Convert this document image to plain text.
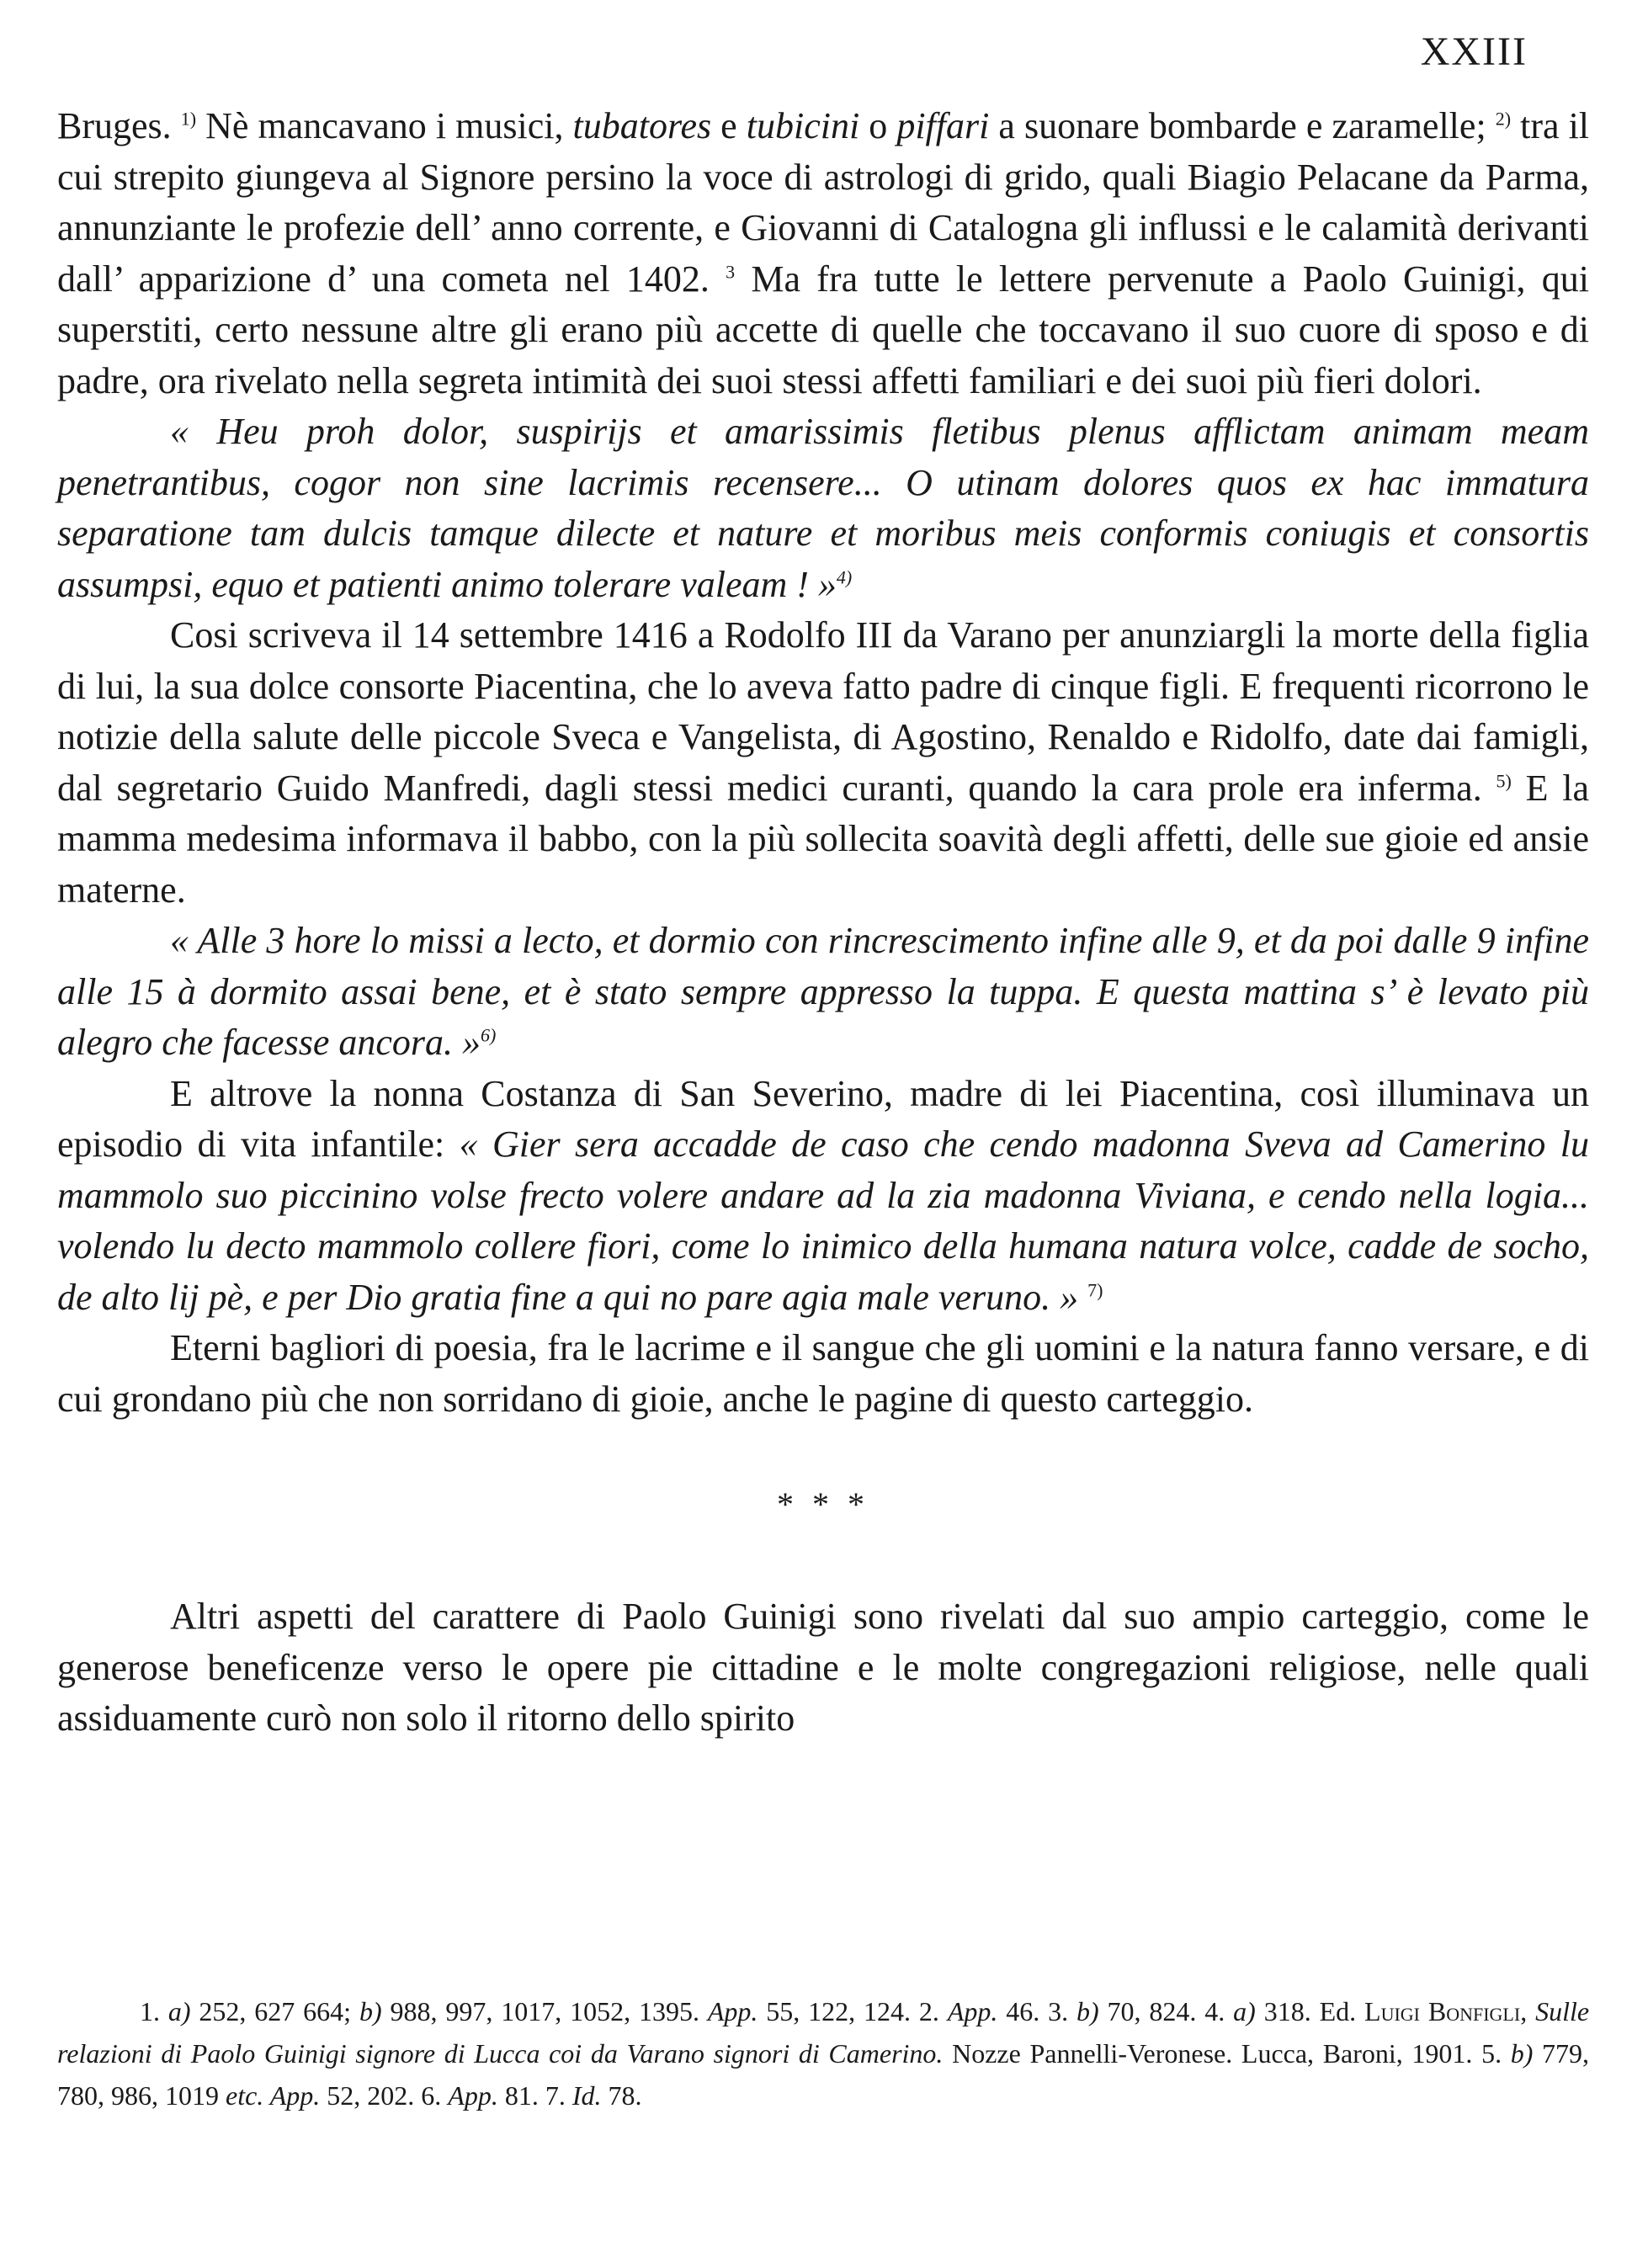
XXIII

Bruges. $^{1)}$ Nè mancavano i musici, tubatores e tubicini o piffari a suonare bombarde e zaramelle; $^{2)}$ tra il cui strepito giungeva al Signore persino la voce di astrologi di grido, quali Biagio Pelacane da Parma, annunziante le profezie dell’ anno corrente, e Giovanni di Catalogna gli influssi e le calamità derivanti dall’ apparizione d’ una cometa nel 1402. $^3$ Ma fra tutte le lettere pervenute a Paolo Guinigi, qui superstiti, certo nessune altre gli erano più accette di quelle che toccavano il suo cuore di sposo e di padre, ora rivelato nella segreta intimità dei suoi stessi affetti familiari e dei suoi più fieri dolori.

« Heu proh dolor, suspirijs et amarissimis fletibus plenus afflictam animam meam penetrantibus, cogor non sine lacrimis recensere... O utinam dolores quos ex hac immatura separatione tam dulcis tamque dilecte et nature et moribus meis conformis coniugis et consortis assumpsi, equo et patienti animo tolerare valeam ! »$^{4)}$

Cosi scriveva il 14 settembre 1416 a Rodolfo III da Varano per anunziargli la morte della figlia di lui, la sua dolce consorte Piacentina, che lo aveva fatto padre di cinque figli. E frequenti ricorrono le notizie della salute delle piccole Sveca e Vangelista, di Agostino, Renaldo e Ridolfo, date dai famigli, dal segretario Guido Manfredi, dagli stessi medici curanti, quando la cara prole era inferma. $^{5)}$ E la mamma medesima informava il babbo, con la più sollecita soavità degli affetti, delle sue gioie ed ansie materne.

« Alle 3 hore lo missi a lecto, et dormio con rincrescimento infine alle 9, et da poi dalle 9 infine alle 15 à dormito assai bene, et è stato sempre appresso la tuppa. E questa mattina s’ è levato più alegro che facesse ancora. »$^{6)}$

E altrove la nonna Costanza di San Severino, madre di lei Piacentina, così illuminava un episodio di vita infantile: « Gier sera accadde de caso che cendo madonna Sveva ad Camerino lu mammolo suo piccinino volse frecto volere andare ad la zia madonna Viviana, e cendo nella logia... volendo lu decto mammolo collere fiori, come lo inimico della humana natura volce, cadde de socho, de alto lij pè, e per Dio gratia fine a qui no pare agia male veruno. » $^{7)}$

Eterni bagliori di poesia, fra le lacrime e il sangue che gli uomini e la natura fanno versare, e di cui grondano più che non sorridano di gioie, anche le pagine di questo carteggio.

* * *

Altri aspetti del carattere di Paolo Guinigi sono rivelati dal suo ampio carteggio, come le generose beneficenze verso le opere pie cittadine e le molte congregazioni religiose, nelle quali assiduamente curò non solo il ritorno dello spirito

1. a) 252, 627 664; b) 988, 997, 1017, 1052, 1395. App. 55, 122, 124. 2. App. 46. 3. b) 70, 824. 4. a) 318. Ed. Luigi Bonfigli, Sulle relazioni di Paolo Guinigi signore di Lucca coi da Varano signori di Camerino. Nozze Pannelli-Veronese. Lucca, Baroni, 1901. 5. b) 779, 780, 986, 1019 etc. App. 52, 202. 6. App. 81. 7. Id. 78.
